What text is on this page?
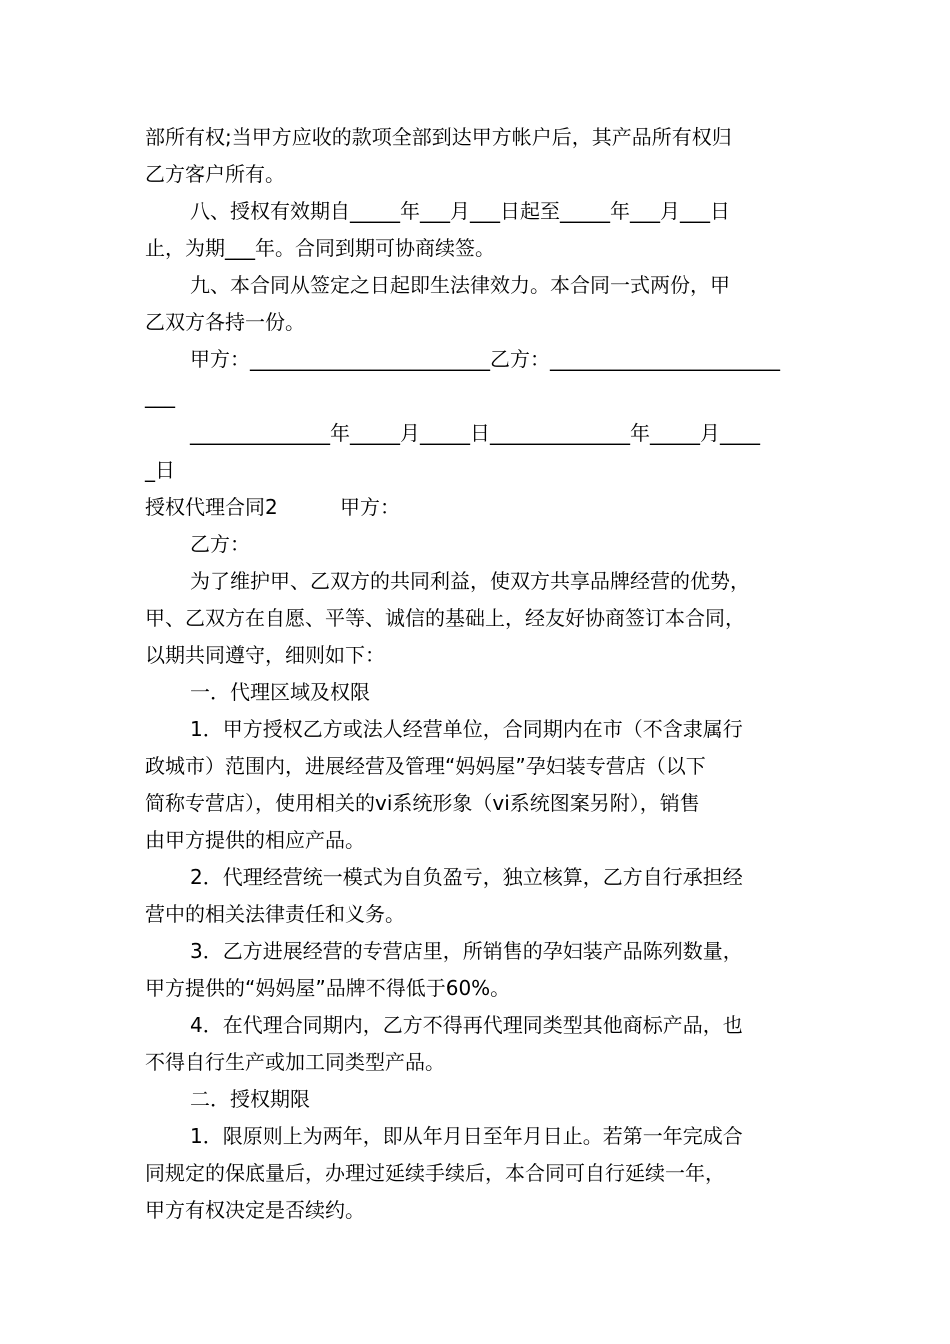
部所有权;当甲方应收的款项全部到达甲方帐户后，其产品所有权归
乙方客户所有。
八、授权有效期自_____年___月___日起至_____年___月___日
止，为期___年。合同到期可协商续签。
九、本合同从签定之日起即生法律效力。本合同一式两份，甲
乙双方各持一份。
甲方：________________________乙方：_______________________
___
______________年_____月_____日______________年_____月____
_日
授权代理合同2	甲方：
乙方：
为了维护甲、乙双方的共同利益，使双方共享品牌经营的优势，
甲、乙双方在自愿、平等、诚信的基础上，经友好协商签订本合同，
以期共同遵守，细则如下：
一．代理区域及权限
1．甲方授权乙方或法人经营单位，合同期内在市（不含隶属行
政城市）范围内，进展经营及管理“妈妈屋”孕妇装专营店（以下
简称专营店），使用相关的vi系统形象（vi系统图案另附），销售
由甲方提供的相应产品。
2．代理经营统一模式为自负盈亏，独立核算，乙方自行承担经
营中的相关法律责任和义务。
3．乙方进展经营的专营店里，所销售的孕妇装产品陈列数量，
甲方提供的“妈妈屋”品牌不得低于60%。
4．在代理合同期内，乙方不得再代理同类型其他商标产品，也
不得自行生产或加工同类型产品。
二．授权期限
1．限原则上为两年，即从年月日至年月日止。若第一年完成合
同规定的保底量后，办理过延续手续后，本合同可自行延续一年，
甲方有权决定是否续约。
